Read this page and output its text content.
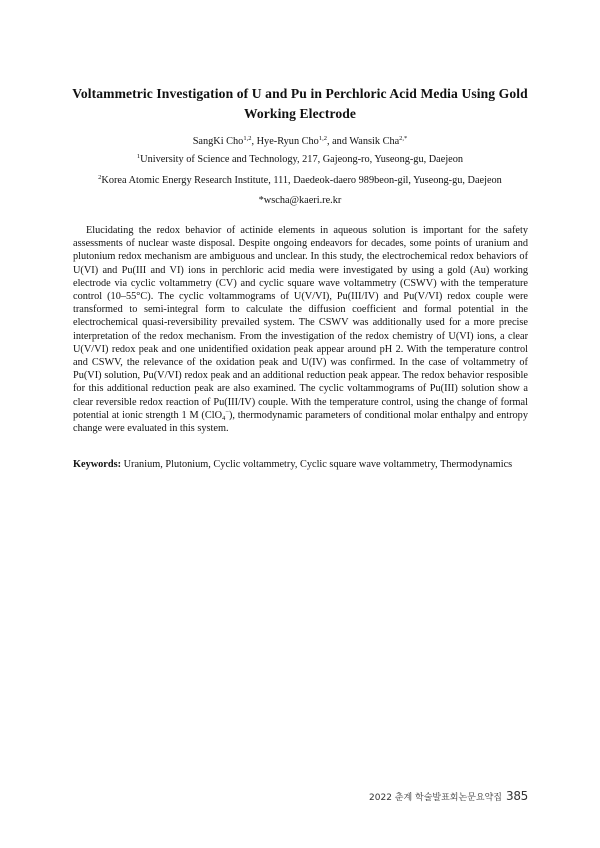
Voltammetric Investigation of U and Pu in Perchloric Acid Media Using Gold Working Electrode
SangKi Cho$^{1,2}$, Hye-Ryun Cho$^{1,2}$, and Wansik Cha$^{2,*}$
$^1$University of Science and Technology, 217, Gajeong-ro, Yuseong-gu, Daejeon
$^2$Korea Atomic Energy Research Institute, 111, Daedeok-daero 989beon-gil, Yuseong-gu, Daejeon
*wscha@kaeri.re.kr

Elucidating the redox behavior of actinide elements in aqueous solution is important for the safety assessments of nuclear waste disposal. Despite ongoing endeavors for decades, some points of uranium and plutonium redox mechanism are ambiguous and unclear. In this study, the electrochemical redox behaviors of U(VI) and Pu(III and VI) ions in perchloric acid media were investigated by using a gold (Au) working electrode via cyclic voltammetry (CV) and cyclic square wave voltammetry (CSWV) with the temperature control (10–55°C). The cyclic voltammograms of U(V/VI), Pu(III/IV) and Pu(V/VI) redox couple were transformed to semi-integral form to calculate the diffusion coefficient and formal potential in the electrochemical quasi-reversibility prevailed system. The CSWV was additionally used for a more precise interpretation of the redox mechanism. From the investigation of the redox chemistry of U(VI) ions, a clear U(V/VI) redox peak and one unidentified oxidation peak appear around pH 2. With the temperature control and CSWV, the relevance of the oxidation peak and U(IV) was confirmed. In the case of voltammetry of Pu(VI) solution, Pu(V/VI) redox peak and an additional reduction peak appear. The redox behavior resposible for this additional reduction peak are also examined. The cyclic voltammograms of Pu(III) solution show a clear reversible redox reaction of Pu(III/IV) couple. With the temperature control, using the change of formal potential at ionic strength 1 M (ClO$_4$−), thermodynamic parameters of conditional molar enthalpy and entropy change were evaluated in this system.

Keywords: Uranium, Plutonium, Cyclic voltammetry, Cyclic square wave voltammetry, Thermodynamics
2022 춘계 학술발표회논문요약집 385
